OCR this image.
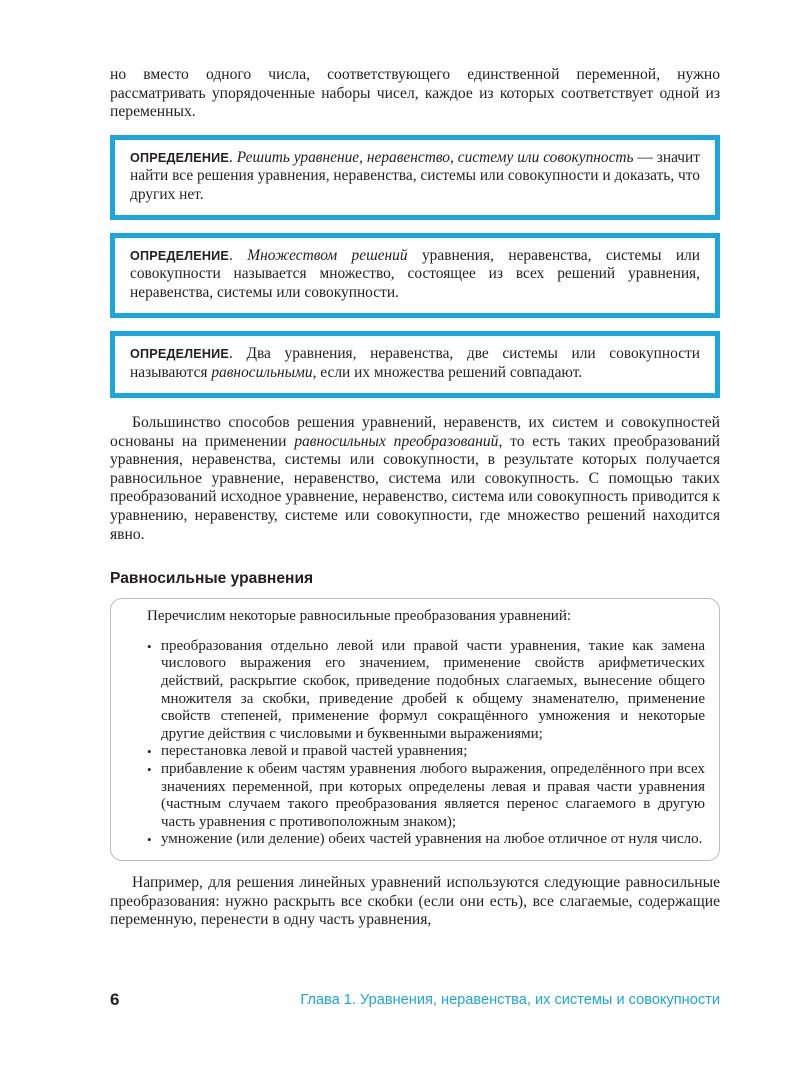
но вместо одного числа, соответствующего единственной переменной, нужно рассматривать упорядоченные наборы чисел, каждое из которых соответствует одной из переменных.

ОПРЕДЕЛЕНИЕ. Решить уравнение, неравенство, систему или совокупность — значит найти все решения уравнения, неравенства, системы или совокупности и доказать, что других нет.

ОПРЕДЕЛЕНИЕ. Множеством решений уравнения, неравенства, системы или совокупности называется множество, состоящее из всех решений уравнения, неравенства, системы или совокупности.

ОПРЕДЕЛЕНИЕ. Два уравнения, неравенства, две системы или совокупности называются равносильными, если их множества решений совпадают.

Большинство способов решения уравнений, неравенств, их систем и совокупностей основаны на применении равносильных преобразований, то есть таких преобразований уравнения, неравенства, системы или совокупности, в результате которых получается равносильное уравнение, неравенство, система или совокупность. С помощью таких преобразований исходное уравнение, неравенство, система или совокупность приводится к уравнению, неравенству, системе или совокупности, где множество решений находится явно.

Равносильные уравнения

Перечислим некоторые равносильные преобразования уравнений:

• преобразования отдельно левой или правой части уравнения, такие как замена числового выражения его значением, применение свойств арифметических действий, раскрытие скобок, приведение подобных слагаемых, вынесение общего множителя за скобки, приведение дробей к общему знаменателю, применение свойств степеней, применение формул сокращённого умножения и некоторые другие действия с числовыми и буквенными выражениями;
• перестановка левой и правой частей уравнения;
• прибавление к обеим частям уравнения любого выражения, определённого при всех значениях переменной, при которых определены левая и правая части уравнения (частным случаем такого преобразования является перенос слагаемого в другую часть уравнения с противоположным знаком);
• умножение (или деление) обеих частей уравнения на любое отличное от нуля число.

Например, для решения линейных уравнений используются следующие равносильные преобразования: нужно раскрыть все скобки (если они есть), все слагаемые, содержащие переменную, перенести в одну часть уравнения,

6	Глава 1. Уравнения, неравенства, их системы и совокупности
